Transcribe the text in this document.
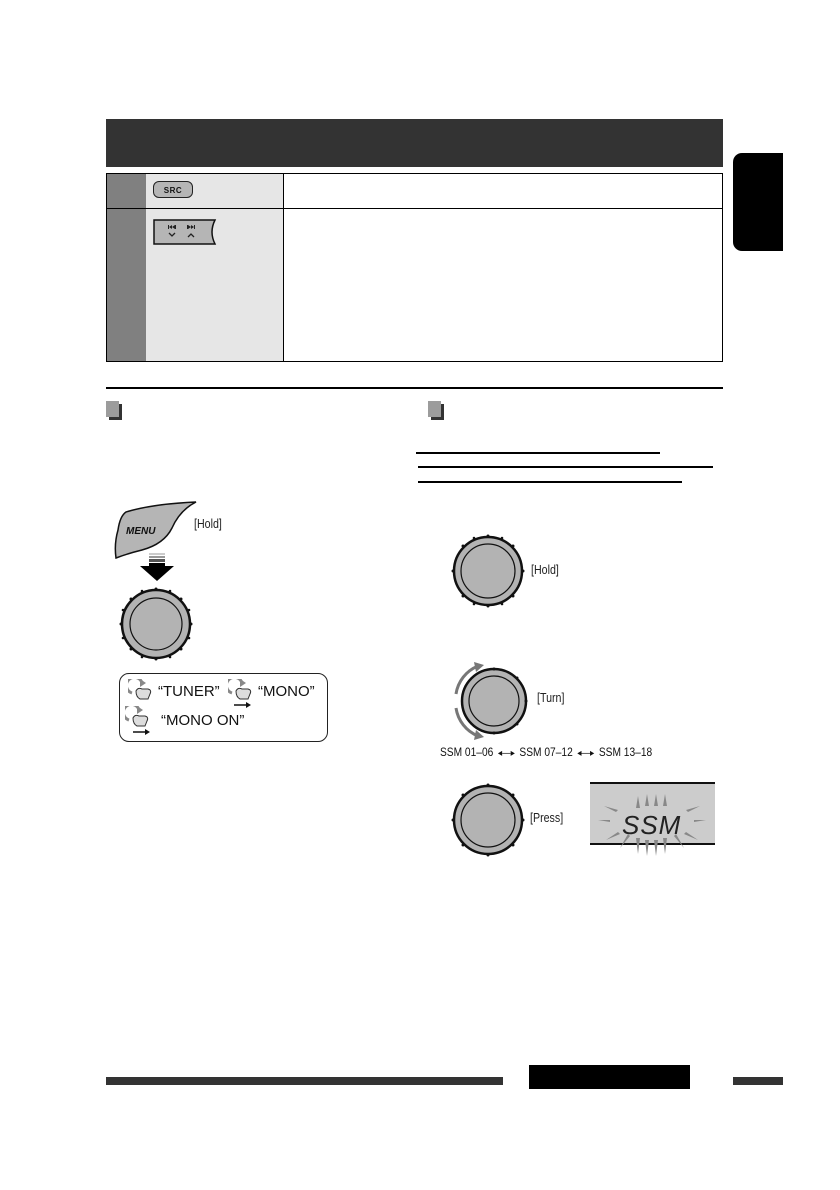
SRC
MENU
[Hold]
“TUNER”	“MONO”
“MONO ON”
[Hold]
[Turn]
SSM 01–06 ◂—▸ SSM 07–12 ◂—▸ SSM 13–18
[Press] SSM
